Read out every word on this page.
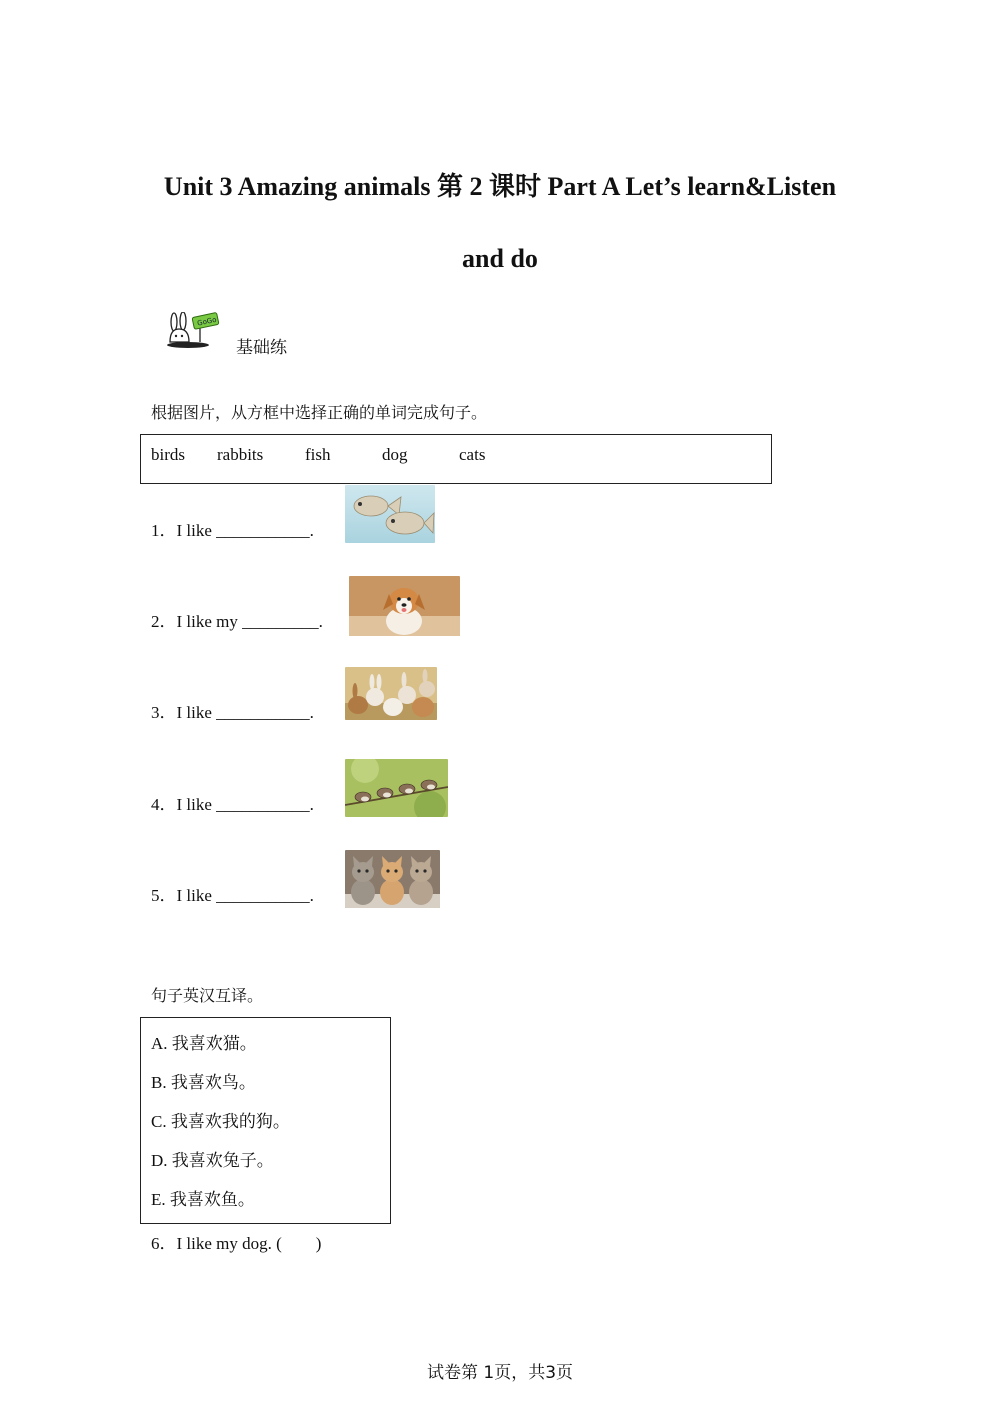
Unit 3 Amazing animals 第 2 课时 Part A Let’s learn&Listen
and do
GoGo
基础练
根据图片，从方框中选择正确的单词完成句子。
birds rabbits fish	dog	cats
1．I like ___________.
2．I like my _________.
3．I like ___________.
4．I like ___________.
5．I like ___________.
句子英汉互译。
A. 我喜欢猫。
B. 我喜欢鸟。
C. 我喜欢我的狗。
D. 我喜欢兔子。
E. 我喜欢鱼。
6．I like my dog. (　　)
试卷第 1页，共3页
